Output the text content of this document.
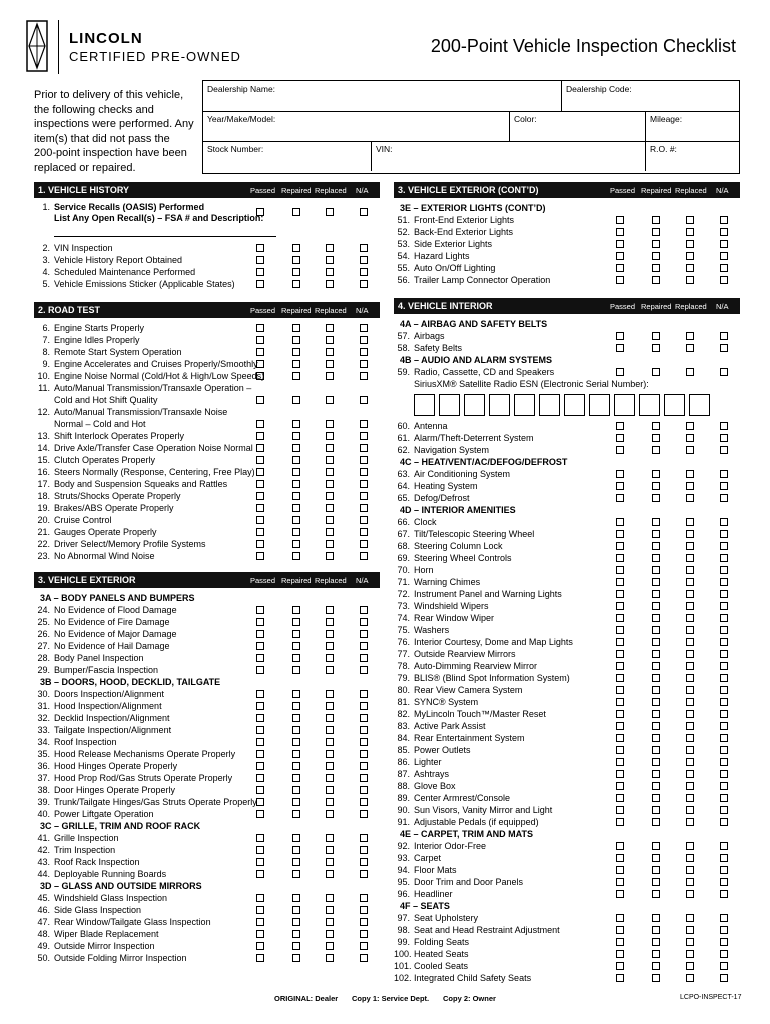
LINCOLN
CERTIFIED PRE-OWNED
200-Point Vehicle Inspection Checklist
Prior to delivery of this vehicle, the following checks and inspections were performed. Any item(s) that did not pass the 200-point inspection have been replaced or repaired.
Dealership Name:	Dealership Code:
Year/Make/Model:	Color:	Mileage:
Stock Number:	VIN:	R.O. #:
1. VEHICLE HISTORY	Passed Repaired Replaced N/A
1. Service Recalls (OASIS) Performed
List Any Open Recall(s) – FSA # and Description:
2. VIN Inspection
3. Vehicle History Report Obtained
4. Scheduled Maintenance Performed
5. Vehicle Emissions Sticker (Applicable States)
2. ROAD TEST	Passed Repaired Replaced N/A
6. Engine Starts Properly
7. Engine Idles Properly
8. Remote Start System Operation
9. Engine Accelerates and Cruises Properly/Smoothly
10. Engine Noise Normal (Cold/Hot & High/Low Speeds)
11. Auto/Manual Transmission/Transaxle Operation –
Cold and Hot Shift Quality
12. Auto/Manual Transmission/Transaxle Noise
Normal – Cold and Hot
13. Shift Interlock Operates Properly
14. Drive Axle/Transfer Case Operation Noise Normal
15. Clutch Operates Properly
16. Steers Normally (Response, Centering, Free Play)
17. Body and Suspension Squeaks and Rattles
18. Struts/Shocks Operate Properly
19. Brakes/ABS Operate Properly
20. Cruise Control
21. Gauges Operate Properly
22. Driver Select/Memory Profile Systems
23. No Abnormal Wind Noise
3. VEHICLE EXTERIOR	Passed Repaired Replaced N/A
3A – BODY PANELS AND BUMPERS
24. No Evidence of Flood Damage
25. No Evidence of Fire Damage
26. No Evidence of Major Damage
27. No Evidence of Hail Damage
28. Body Panel Inspection
29. Bumper/Fascia Inspection
3B – DOORS, HOOD, DECKLID, TAILGATE
30. Doors Inspection/Alignment
31. Hood Inspection/Alignment
32. Decklid Inspection/Alignment
33. Tailgate Inspection/Alignment
34. Roof Inspection
35. Hood Release Mechanisms Operate Properly
36. Hood Hinges Operate Properly
37. Hood Prop Rod/Gas Struts Operate Properly
38. Door Hinges Operate Properly
39. Trunk/Tailgate Hinges/Gas Struts Operate Properly
40. Power Liftgate Operation
3C – GRILLE, TRIM AND ROOF RACK
41. Grille Inspection
42. Trim Inspection
43. Roof Rack Inspection
44. Deployable Running Boards
3D – GLASS AND OUTSIDE MIRRORS
45. Windshield Glass Inspection
46. Side Glass Inspection
47. Rear Window/Tailgate Glass Inspection
48. Wiper Blade Replacement
49. Outside Mirror Inspection
50. Outside Folding Mirror Inspection
3. VEHICLE EXTERIOR (CONT’D)	Passed Repaired Replaced N/A
3E – EXTERIOR LIGHTS (CONT’D)
51. Front-End Exterior Lights
52. Back-End Exterior Lights
53. Side Exterior Lights
54. Hazard Lights
55. Auto On/Off Lighting
56. Trailer Lamp Connector Operation
4. VEHICLE INTERIOR	Passed Repaired Replaced N/A
4A – AIRBAG AND SAFETY BELTS
57. Airbags
58. Safety Belts
4B – AUDIO AND ALARM SYSTEMS
59. Radio, Cassette, CD and Speakers
SiriusXM® Satellite Radio ESN (Electronic Serial Number):
60. Antenna
61. Alarm/Theft-Deterrent System
62. Navigation System
4C – HEAT/VENT/AC/DEFOG/DEFROST
63. Air Conditioning System
64. Heating System
65. Defog/Defrost
4D – INTERIOR AMENITIES
66. Clock
67. Tilt/Telescopic Steering Wheel
68. Steering Column Lock
69. Steering Wheel Controls
70. Horn
71. Warning Chimes
72. Instrument Panel and Warning Lights
73. Windshield Wipers
74. Rear Window Wiper
75. Washers
76. Interior Courtesy, Dome and Map Lights
77. Outside Rearview Mirrors
78. Auto-Dimming Rearview Mirror
79. BLIS® (Blind Spot Information System)
80. Rear View Camera System
81. SYNC® System
82. MyLincoln Touch™/Master Reset
83. Active Park Assist
84. Rear Entertainment System
85. Power Outlets
86. Lighter
87. Ashtrays
88. Glove Box
89. Center Armrest/Console
90. Sun Visors, Vanity Mirror and Light
91. Adjustable Pedals (if equipped)
4E – CARPET, TRIM AND MATS
92. Interior Odor-Free
93. Carpet
94. Floor Mats
95. Door Trim and Door Panels
96. Headliner
4F – SEATS
97. Seat Upholstery
98. Seat and Head Restraint Adjustment
99. Folding Seats
100. Heated Seats
101. Cooled Seats
102. Integrated Child Safety Seats
ORIGINAL: Dealer Copy 1: Service Dept. Copy 2: Owner	LCPO-INSPECT-17
